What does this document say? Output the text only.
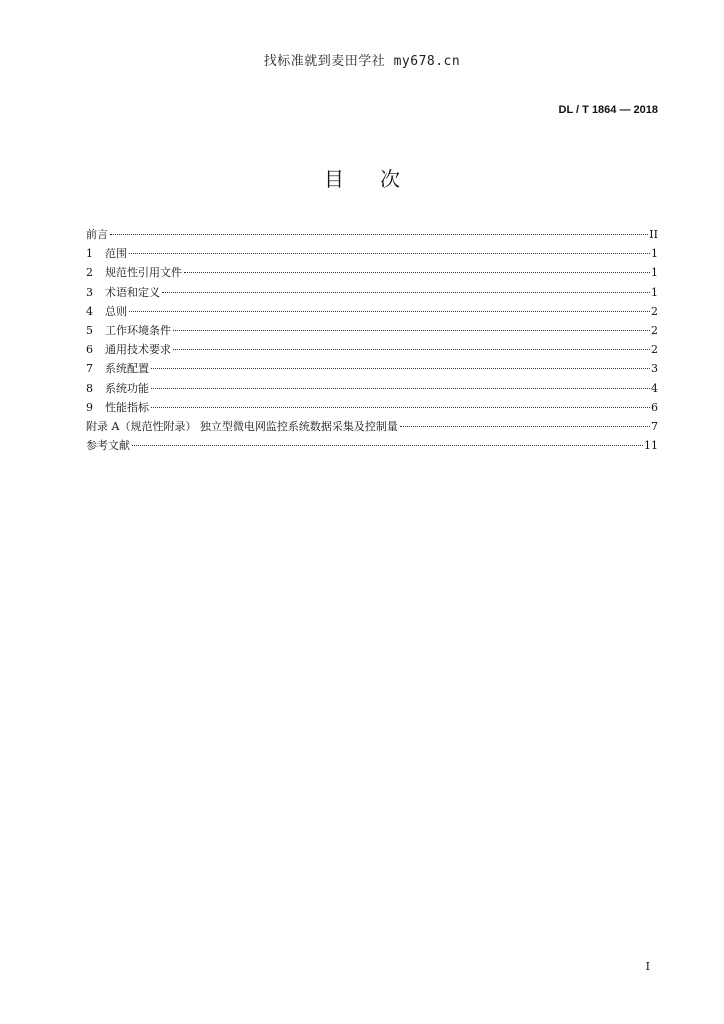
找标准就到麦田学社 my678.cn
DL / T 1864 — 2018
目次
前言	II
1	范围	1
2	规范性引用文件	1
3	术语和定义	1
4	总则	2
5	工作环境条件	2
6	通用技术要求	2
7	系统配置	3
8	系统功能	4
9	性能指标	6
附录 A（规范性附录） 独立型微电网监控系统数据采集及控制量	7
参考文献	11
I
